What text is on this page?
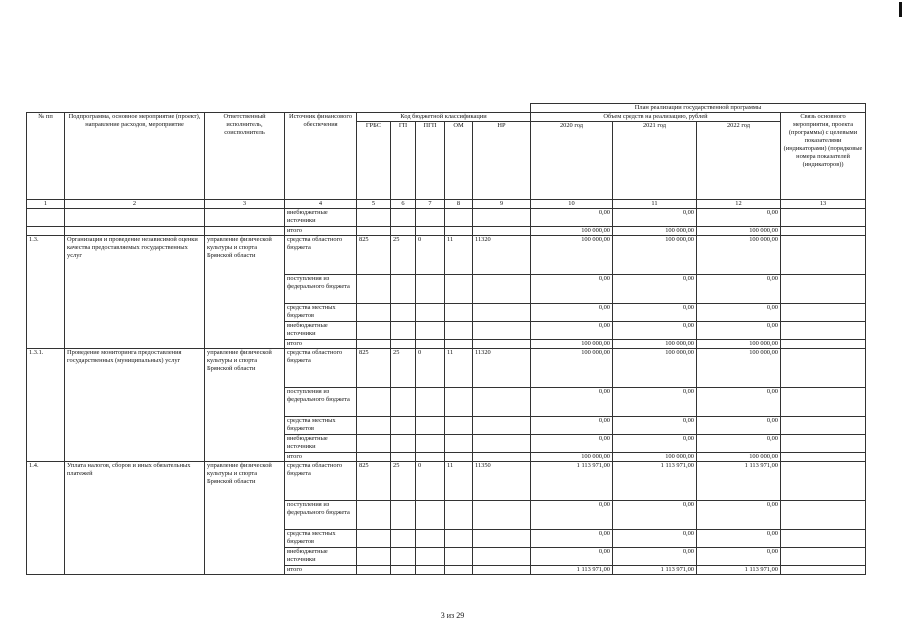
									План реализации государственной программы			
№ пп	Подпрограмма, основное мероприятие (проект), направление расходов, мероприятие	Ответственный исполнитель, соисполнитель	Источник финансового обеспечения	Код бюджетной классификации					Объем средств на реализацию, рублей			Связь основного мероприятия, проекта (программы) с целевыми показателями (индикаторами) (порядковые номера показателей (индикаторов))
				ГРБС	ГП	ПГП	ОМ	НР	2020 год	2021 год	2022 год	
1	2	3	4	5	6	7	8	9	10	11	12	13
			внебюджетные источники						0,00	0,00	0,00	
			итого						100 000,00	100 000,00	100 000,00	
1.3.	Организация и проведение независимой оценки качества предоставляемых государственных услуг	управление физической культуры и спорта Брянской области	средства областного бюджета	825	25	0	11	11320	100 000,00	100 000,00	100 000,00	
			поступления из федерального бюджета						0,00	0,00	0,00	
			средства местных бюджетов						0,00	0,00	0,00	
			внебюджетные источники						0,00	0,00	0,00	
			итого						100 000,00	100 000,00	100 000,00	
1.3.1.	Проведение мониторинга предоставления государственных (муниципальных) услуг	управление физической культуры и спорта Брянской области	средства областного бюджета	825	25	0	11	11320	100 000,00	100 000,00	100 000,00	
			поступления из федерального бюджета						0,00	0,00	0,00	
			средства местных бюджетов						0,00	0,00	0,00	
			внебюджетные источники						0,00	0,00	0,00	
			итого						100 000,00	100 000,00	100 000,00	
1.4.	Уплата налогов, сборов и иных обязательных платежей	управление физической культуры и спорта Брянской области	средства областного бюджета	825	25	0	11	11350	1 113 971,00	1 113 971,00	1 113 971,00	
			поступления из федерального бюджета						0,00	0,00	0,00	
			средства местных бюджетов						0,00	0,00	0,00	
			внебюджетные источники						0,00	0,00	0,00	
			итого						1 113 971,00	1 113 971,00	1 113 971,00	
3 из 29
